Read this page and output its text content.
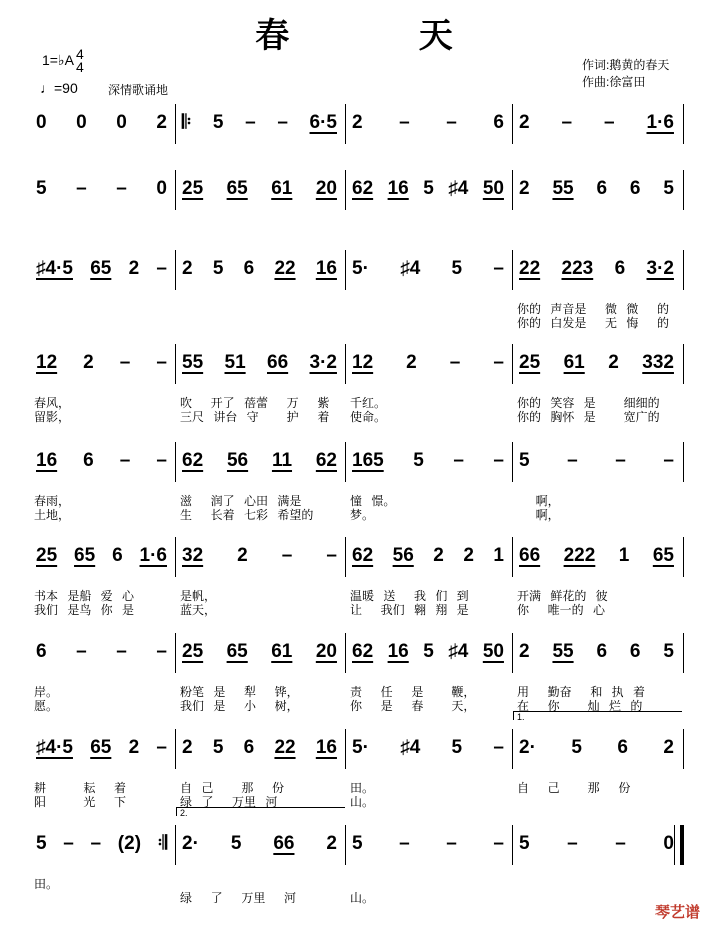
春 天
1=♭A 4
4
♩=90	深情歌诵地
作词:鹅黄的春天
作曲:徐富田
0 0 0 2 𝄆 5 – – 6·5 2 – – 6 2 – – 1·6
5 – – 0 25 65 61 20 62 16 5 ♯4 50 2 55 6 6 5
♯4·5 65 2 – 2 5 6 22 16 5· ♯4 5 – 22 223 6 3·2
你的 声音是  微 微  的
你的 白发是  无 悔  的
12 2 – –
春风，
留影，
55 51 66 3·2
吹  开了 蓓蕾  万  紫
三尺 讲台 守   护  着
12 2 – –
千红。
使命。
25 61 2 332
你的 笑容 是   细细的
你的 胸怀 是   宽广的
16 6 – –
春雨，
土地，
62 56 11 62
滋  润了 心田 满是
生  长着 七彩 希望的
165 5 – –
憧 憬。
梦。
5 – – –
啊，
啊，
25 65 6 1·6
书本 是船 爱 心
我们 是鸟 你 是
32 2 – –
是帆，
蓝天，
62 56 2 2 1
温暖 送  我 们 到
让  我们 翱 翔 是
66 222 1 65
开满 鲜花的 彼
你  唯一的 心
6 – – –
岸。
愿。
25 65 61 20
粉笔 是  犁  铧，
我们 是  小  树，
62 16 5 ♯4 50
责  任  是   鞭，
你  是  春   天，
2 55 6 6 5
用  勤奋  和 执 着
在  你   灿 烂 的
♯4·5 65 2 –
耕    耘  着
阳    光  下
2 5 6 22 16
自 己   那  份
绿 了  万里 河
5· ♯4 5 –
田。
山。
2· 5 6 2
自  己   那  份
1.
5 – – (2) 𝄇
田。
2· 5 66 2
绿  了  万里  河
2.
5 – – –
山。
5 – – 0
琴艺谱
